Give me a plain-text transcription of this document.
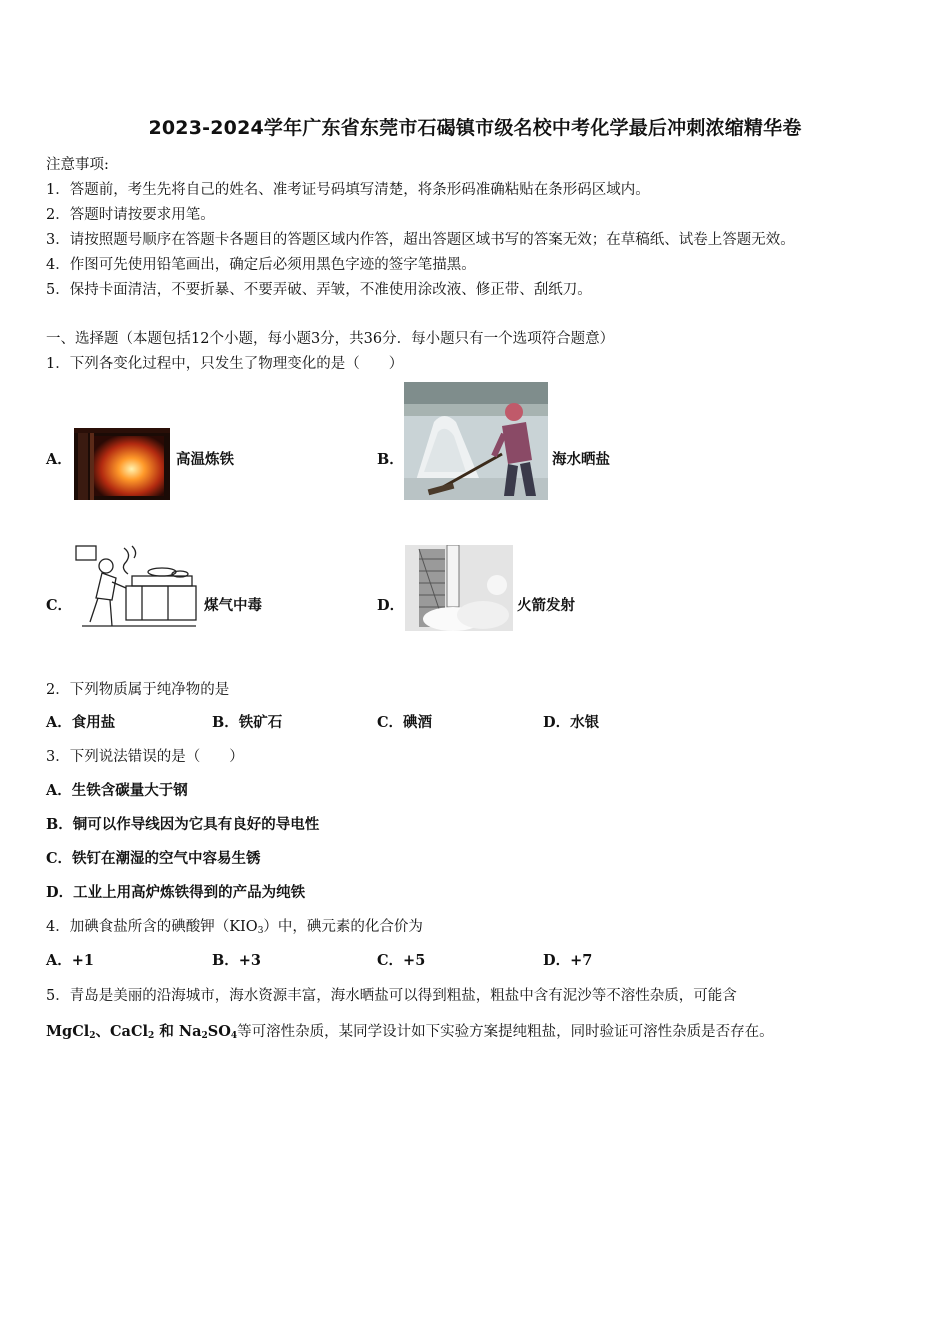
2023-2024学年广东省东莞市石碣镇市级名校中考化学最后冲刺浓缩精华卷
注意事项:
1．答题前，考生先将自己的姓名、准考证号码填写清楚，将条形码准确粘贴在条形码区域内。
2．答题时请按要求用笔。
3．请按照题号顺序在答题卡各题目的答题区域内作答，超出答题区域书写的答案无效；在草稿纸、试卷上答题无效。
4．作图可先使用铅笔画出，确定后必须用黑色字迹的签字笔描黑。
5．保持卡面清洁，不要折暴、不要弄破、弄皱，不准使用涂改液、修正带、刮纸刀。
一、选择题（本题包括12个小题，每小题3分，共36分．每小题只有一个选项符合题意）
1．下列各变化过程中，只发生了物理变化的是（　　）
A．	高温炼铁	B．	海水晒盐
C．	煤气中毒	D．	火箭发射
2．下列物质属于纯净物的是
A．食用盐	B．铁矿石	C．碘酒	D．水银
3．下列说法错误的是（　　）
A．生铁含碳量大于钢
B．铜可以作导线因为它具有良好的导电性
C．铁钉在潮湿的空气中容易生锈
D．工业上用高炉炼铁得到的产品为纯铁
4．加碘食盐所含的碘酸钾$(KIO_3)$中，碘元素的化合价为
A．+1	B．+3	C．+5	D．+7
5．青岛是美丽的沿海城市，海水资源丰富，海水晒盐可以得到粗盐，粗盐中含有泥沙等不溶性杂质，可能含
MgCl$_2$、CaCl$_2$ 和 $Na_2SO_4$等可溶性杂质，某同学设计如下实验方案提纯粗盐，同时验证可溶性杂质是否存在。
